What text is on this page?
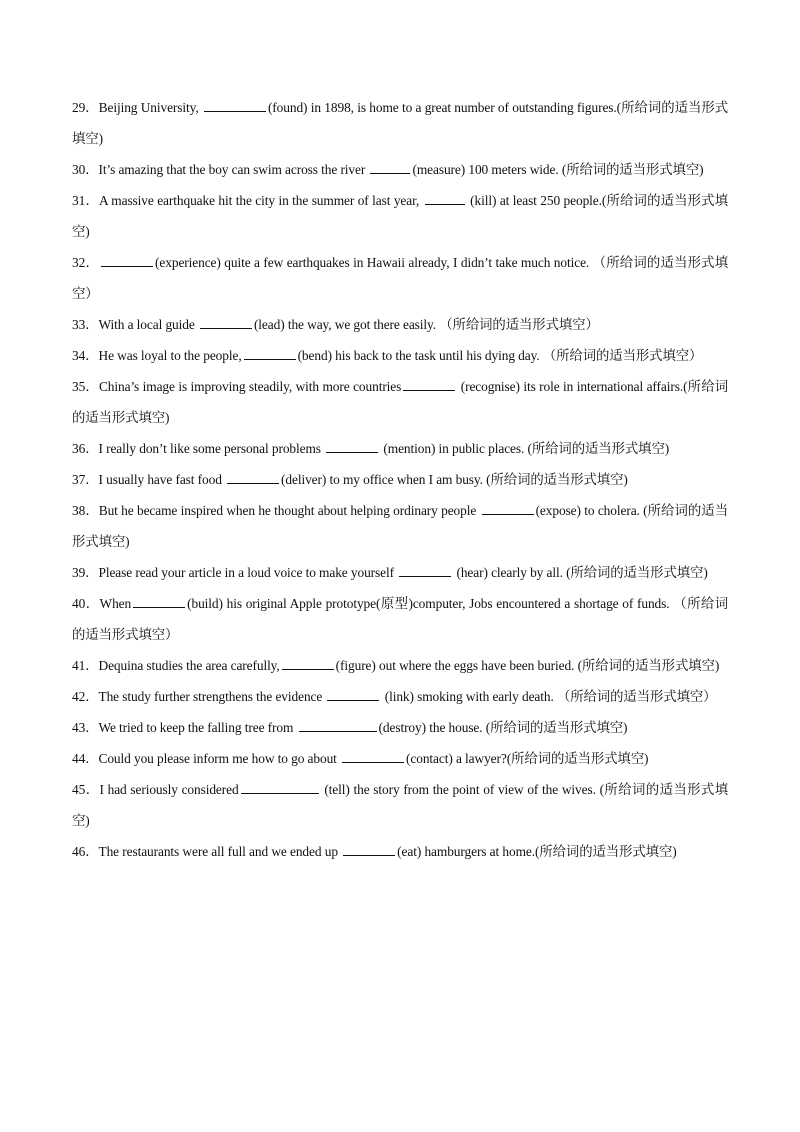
29 ． Beijing University,	(found) in 1898, is home to a great number of outstanding figures.(所给词的适当形式填空)

30 ． It’s amazing that the boy can swim across the river	(measure) 100 meters wide. (所给词的适当形式填空)

31 ． A massive earthquake hit the city in the summer of last year,	(kill) at least 250 people.(所给词的适当形式填空)

32 ．	(experience) quite a few earthquakes in Hawaii already, I didn’t take much notice. （所给词的适当形式填空）

33 ． With a local guide	(lead) the way, we got there easily. （所给词的适当形式填空）

34 ． He was loyal to the people,	(bend) his back to the task until his dying day. （所给词的适当形式填空）

35 ． China’s image is improving steadily, with more countries	(recognise) its role in international affairs.(所给词的适当形式填空)

36 ． I really don’t like some personal problems	(mention) in public places. (所给词的适当形式填空)

37 ． I usually have fast food	(deliver) to my office when I am busy. (所给词的适当形式填空)

38 ． But he became inspired when he thought about helping ordinary people	(expose) to cholera. (所给词的适当形式填空)

39 ． Please read your article in a loud voice to make yourself	(hear) clearly by all. (所给词的适当形式填空)

40 ． When	(build) his original Apple prototype(原型)computer, Jobs encountered a shortage of funds. （所给词的适当形式填空）

41 ． Dequina studies the area carefully,	(figure) out where the eggs have been buried. (所给词的适当形式填空)

42 ． The study further strengthens the evidence	(link) smoking with early death. （所给词的适当形式填空）

43 ． We tried to keep the falling tree from	(destroy) the house. (所给词的适当形式填空)

44 ． Could you please inform me how to go about	(contact) a lawyer?(所给词的适当形式填空)

45 ． I had seriously considered	(tell) the story from the point of view of the wives. (所给词的适当形式填空)

46 ． The restaurants were all full and we ended up	(eat) hamburgers at home.(所给词的适当形式填空)
